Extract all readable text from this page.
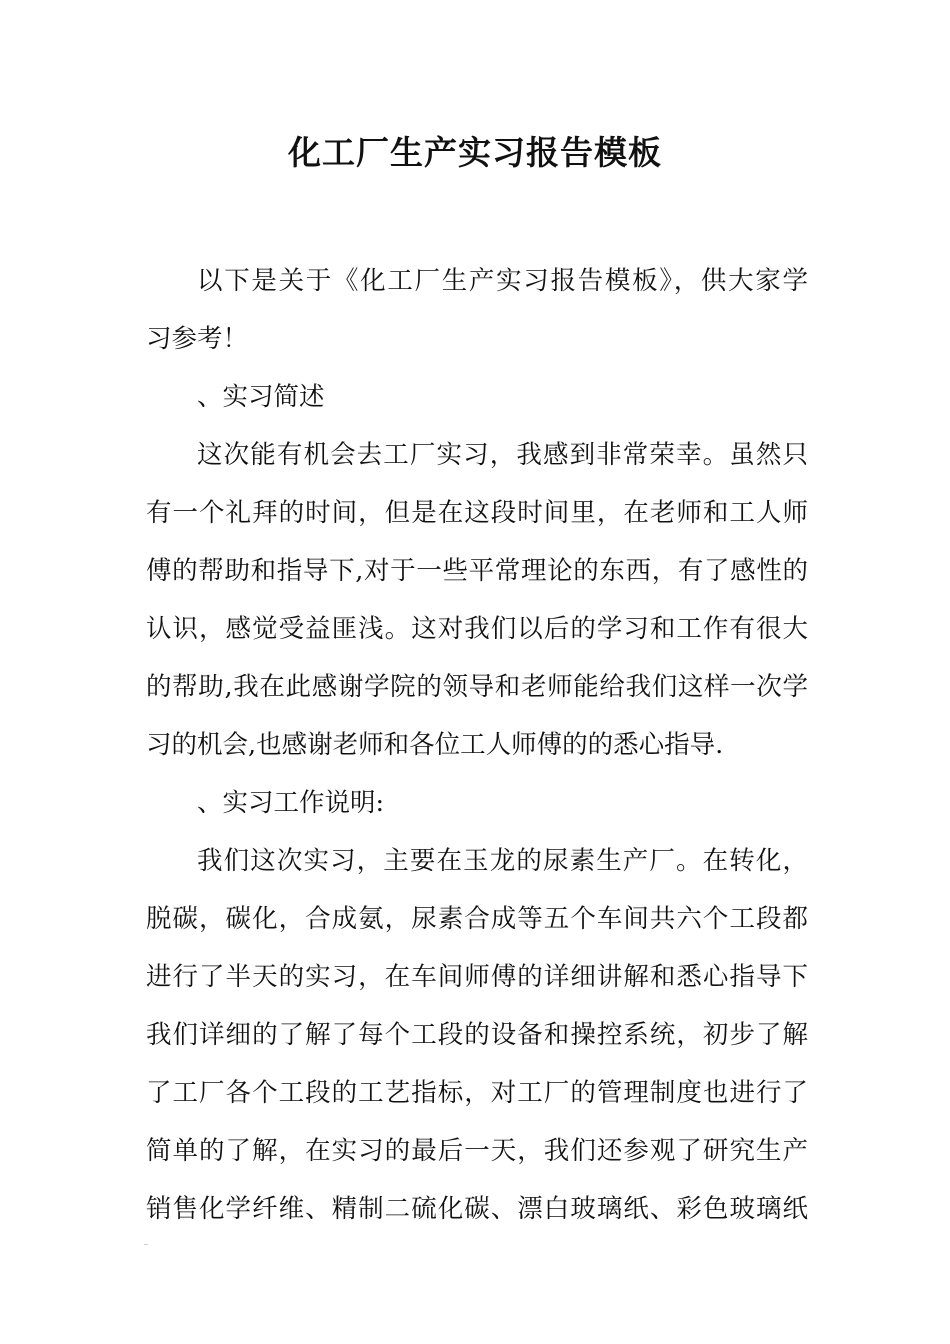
化工厂生产实习报告模板
以下是关于《化工厂生产实习报告模板》，供大家学
习参考！
、实习简述
这次能有机会去工厂实习，我感到非常荣幸。虽然只
有一个礼拜的时间，但是在这段时间里，在老师和工人师
傅的帮助和指导下,对于一些平常理论的东西，有了感性的
认识，感觉受益匪浅。这对我们以后的学习和工作有很大
的帮助,我在此感谢学院的领导和老师能给我们这样一次学
习的机会,也感谢老师和各位工人师傅的的悉心指导.
、实习工作说明:
我们这次实习，主要在玉龙的尿素生产厂。在转化，
脱碳，碳化，合成氨，尿素合成等五个车间共六个工段都
进行了半天的实习，在车间师傅的详细讲解和悉心指导下
我们详细的了解了每个工段的设备和操控系统，初步了解
了工厂各个工段的工艺指标，对工厂的管理制度也进行了
简单的了解，在实习的最后一天，我们还参观了研究生产
销售化学纤维、精制二硫化碳、漂白玻璃纸、彩色玻璃纸
